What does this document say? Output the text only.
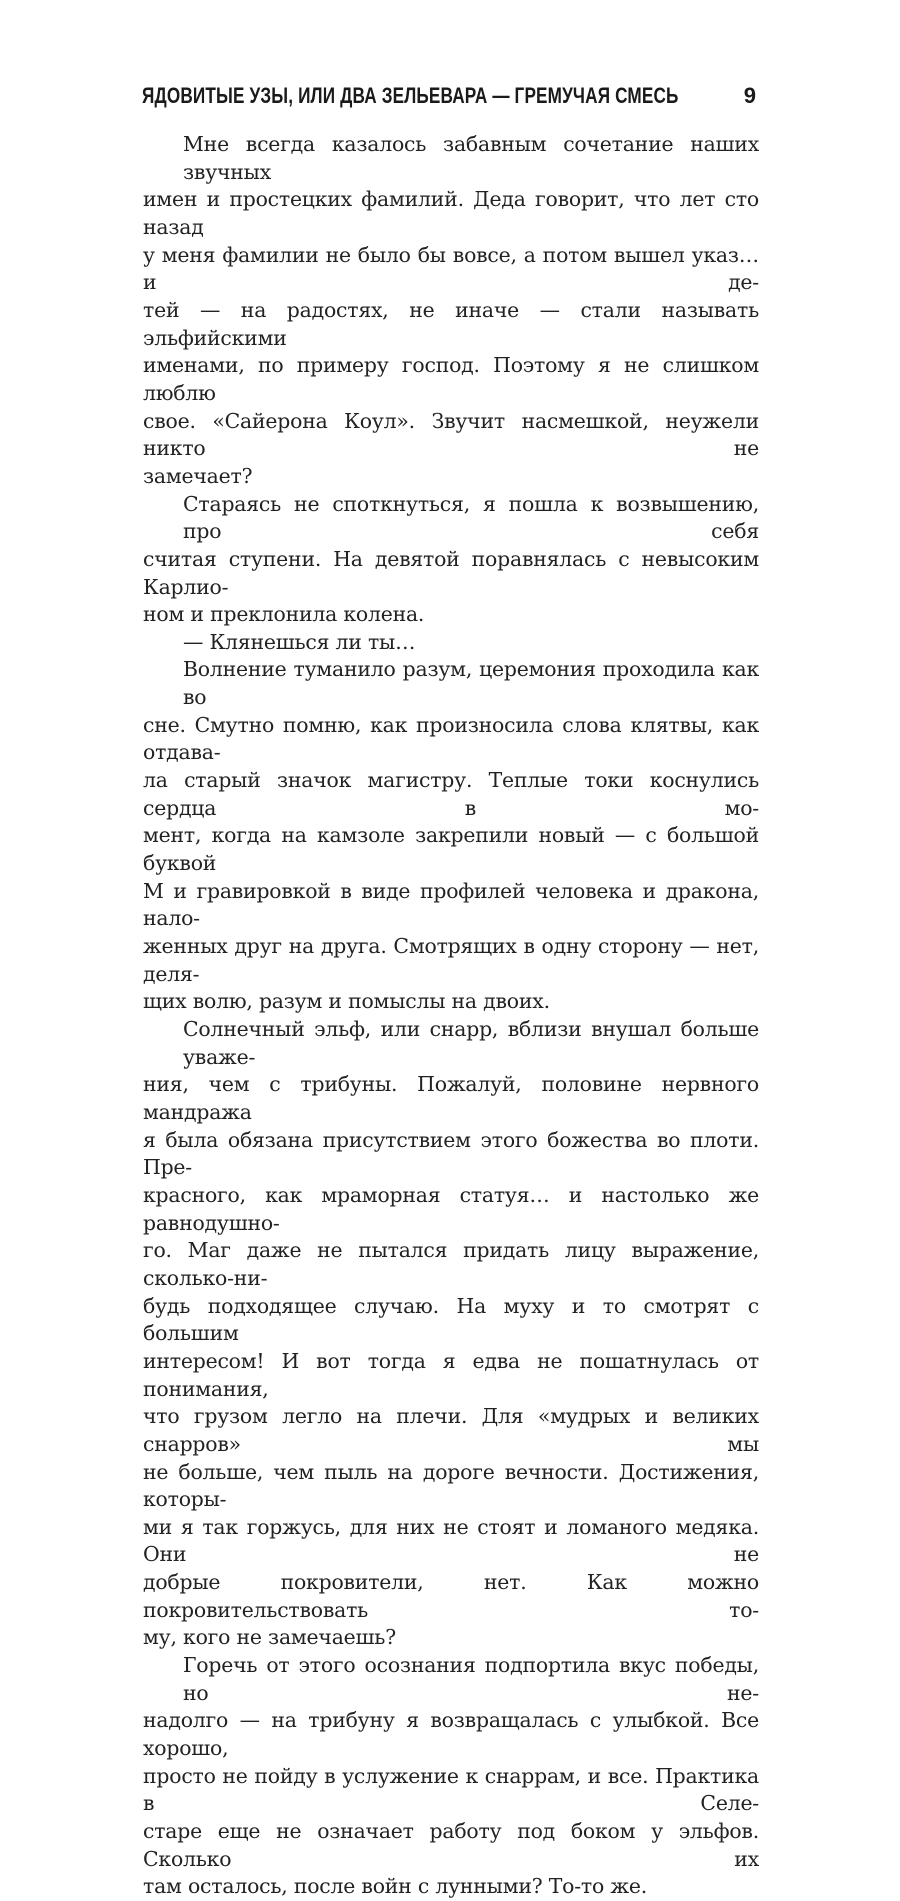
ЯДОВИТЫЕ УЗЫ, ИЛИ ДВА ЗЕЛЬЕВАРА — ГРЕМУЧАЯ СМЕСЬ	9

Мне всегда казалось забавным сочетание наших звучных
имен и простецких фамилий. Деда говорит, что лет сто назад
у меня фамилии не было бы вовсе, а потом вышел указ… и де-
тей — на радостях, не иначе — стали называть эльфийскими
именами, по примеру господ. Поэтому я не слишком люблю
свое. «Сайерона Коул». Звучит насмешкой, неужели никто не
замечает?

Стараясь не споткнуться, я пошла к возвышению, про себя
считая ступени. На девятой поравнялась с невысоким Карлио-
ном и преклонила колена.

— Клянешься ли ты…

Волнение туманило разум, церемония проходила как во
сне. Смутно помню, как произносила слова клятвы, как отдава-
ла старый значок магистру. Теплые токи коснулись сердца в мо-
мент, когда на камзоле закрепили новый — с большой буквой
М и гравировкой в виде профилей человека и дракона, нало-
женных друг на друга. Смотрящих в одну сторону — нет, деля-
щих волю, разум и помыслы на двоих.

Солнечный эльф, или снарр, вблизи внушал больше уваже-
ния, чем с трибуны. Пожалуй, половине нервного мандража
я была обязана присутствием этого божества во плоти. Пре-
красного, как мраморная статуя… и настолько же равнодушно-
го. Маг даже не пытался придать лицу выражение, сколько-ни-
будь подходящее случаю. На муху и то смотрят с большим
интересом! И вот тогда я едва не пошатнулась от понимания,
что грузом легло на плечи. Для «мудрых и великих снарров» мы
не больше, чем пыль на дороге вечности. Достижения, которы-
ми я так горжусь, для них не стоят и ломаного медяка. Они не
добрые покровители, нет. Как можно покровительствовать то-
му, кого не замечаешь?

Горечь от этого осознания подпортила вкус победы, но не-
надолго — на трибуну я возвращалась с улыбкой. Все хорошо,
просто не пойду в услужение к снаррам, и все. Практика в Селе-
старе еще не означает работу под боком у эльфов. Сколько их
там осталось, после войн с лунными? То-то же.
